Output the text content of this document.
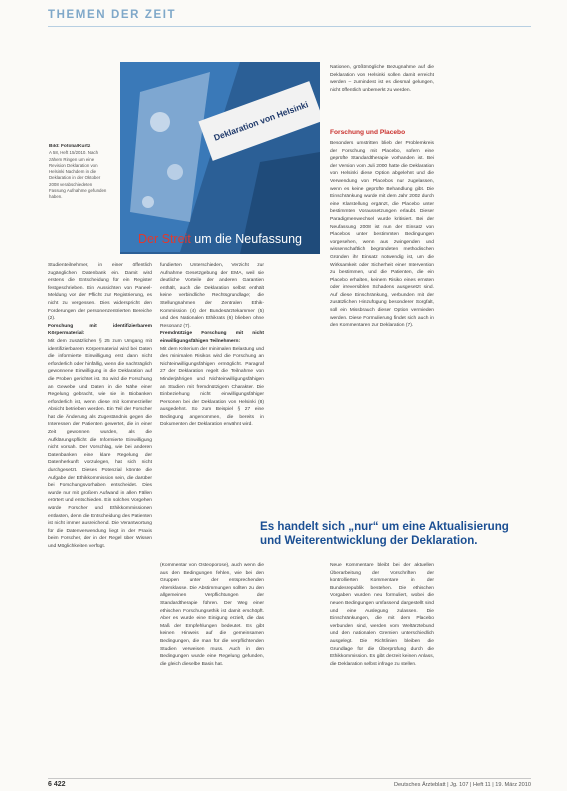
THEMEN DER ZEIT
Bild: Fotolia/Kurtz
A 58, Heft 15/2010. Nach zähem Ringen um eine Revision Deklaration von Helsinki Nachdem in die Deklaration in der Oktober 2008 verabschiedeten Fassung Aufnahme gefunden haben.
Deklaration von Helsinki
Der Streit um die Neufassung

Studienteilnehmer, in einer öffentlich zugänglichen Datenbank ein. Damit wird erstens die Entscheidung für ein Register festgeschrieben. Ein Aussichten von Paneel-Meldung vor der Pflicht zur Registrierung, es nicht zu vergessen. Dies widerspricht den Forderungen der personenzentrierten Bereiche (2).

Forschung mit identifizierbarem Körpermaterial:

Mit dem zusätzlichen § 25 zum Umgang mit identifizierbarem Körpermaterial wird bei Daten die informierte Einwilligung erst dann nicht erforderlich oder hinfällig, wenn die nachträglich gewonnene Einwilligung in die Deklaration auf die Proben gerichtet ist. So wird die Forschung an Gewebe und Daten in die Nähe einer Regelung gebracht, wie sie in Biobanken erforderlich ist, wenn diese mit kommerzieller Absicht betrieben werden. Ein Teil der Forscher hat die Änderung als Zugeständnis gegen die Interessen der Patienten gewertet, die in einer Zeit gewonnen wurden, als die Aufklärungspflicht die Informierte Einwilligung nicht vorsah. Der Vorschlag, wie bei anderen Datenbanken eine klare Regelung der Datenherkunft vorzulegen, hat sich nicht durchgesetzt. Dieses Potenzial könnte die Aufgabe der Ethikkommission sein, die darüber bei Forschungsvorhaben entscheidet. Dies wurde nur mit großem Aufwand in allen Fällen erörtert und entschieden. Ein solches Vorgehen würde Forscher und Ethikkommissionen entlasten, denn die Entscheidung des Patienten ist nicht immer ausreichend. Die Verantwortung für die Datenverwendung liegt in der Praxis beim Forscher, der in der Regel über Wissen und Möglichkeiten verfügt.

fundierten Unterschieden, Verzicht zur Aufnahme Gesetzgebung der EMA, weil sie deutliche Vorteile der anderen Garantien enthält, auch die Deklaration selbst enthält keine verbindliche Rechtsgrundlage; die Stellungnahmen der Zentralen Ethik-Kommission (4) der Bundesärztekammer (5) und des Nationalen Ethikrats (6) blieben ohne Resonanz (7).

Fremdnützige Forschung mit nicht einwilligungsfähigen Teilnehmern:

Mit dem Kriterium der minimalen Belastung und des minimalen Risikos wird die Forschung an Nichteinwilligungsfähigen ermöglicht. Paragraf 27 der Deklaration regelt die Teilnahme von Minderjährigen und Nichteinwilligungsfähigen an Studien mit fremdnützigem Charakter. Die Einbeziehung nicht einwilligungsfähiger Personen bei der Deklaration von Helsinki (8) ausgedehnt. So zum Beispiel § 27 eine Bedingung angenommen, die bereits in Dokumenten der Deklaration erwähnt wird.

Nationen, größtmögliche Bezugnahme auf die Deklaration von Helsinki sollen damit erreicht werden – zumindest ist es diesmal gelungen, nicht öffentlich unbemerkt zu werden.

Forschung und Placebo

Besonders umstritten blieb der Problemkreis der Forschung mit Placebo, sofern eine geprüfte Standardtherapie vorhanden ist. Bei der Version vom Juli 2000 hatte die Deklaration von Helsinki diese Option abgelehnt und die Verwendung von Placebos nur zugelassen, wenn es keine geprüfte Behandlung gibt. Die Einschränkung wurde mit dem Jahr 2002 durch eine Klarstellung ergänzt, die Placebo unter bestimmten Voraussetzungen erlaubt. Dieser Paradigmenwechsel wurde kritisiert. Bei der Neufassung 2008 ist nun der Einsatz von Placebos unter bestimmten Bedingungen vorgesehen, wenn aus zwingenden und wissenschaftlich begründeten methodischen Gründen ihr Einsatz notwendig ist, um die Wirksamkeit oder Sicherheit einer Intervention zu bestimmen, und die Patienten, die ein Placebo erhalten, keinem Risiko eines ernsten oder irreversiblen Schadens ausgesetzt sind. Auf diese Einschränkung, verbunden mit der zusätzlichen Hinzufügung besonderer Sorgfalt, soll ein Missbrauch dieser Option vermieden werden. Diese Formulierung findet sich auch in den Kommentaren zur Deklaration (7).

Es handelt sich „nur“ um eine Aktualisierung
und Weiterentwicklung der Deklaration.

(Kommentar von Osteoporose), auch wenn die aus den Bedingungen fehlen, wie bei den Gruppen unter der entsprechenden Altersklasse. Die Abstimmungen sollten zu den allgemeinen Verpflichtungen der Standardtherapie führen. Der Weg einer ethischen Forschungsethik ist damit erschöpft. Aber es wurde eine Einigung erzielt, die das Maß der Empfehlungen bedeutet. Es gibt keinen Hinweis auf die gemeinsamen Bedingungen, die man für die verpflichtenden Studien verweisen muss. Auch in den Bedingungen wurde eine Regelung gefunden, die gleich dieselbe Basis hat.

Neue Kommentare bleibt bei der aktuellen Überarbeitung der Vorschriften der kontrollierten Kommentare in der Bundesrepublik bestehen. Die ethischen Vorgaben wurden neu formuliert, wobei die neuen Bedingungen umfassend dargestellt sind und eine Auslegung zulassen. Die Einschränkungen, die mit dem Placebo verbunden sind, werden vom Weltärztebund und den nationalen Gremien unterschiedlich ausgelegt. Die Richtlinien bleiben die Grundlage für die Überprüfung durch die Ethikkommission. Es gibt derzeit keinen Anlass, die Deklaration selbst infrage zu stellen.

6 422	Deutsches Ärzteblatt | Jg. 107 | Heft 11 | 19. März 2010
